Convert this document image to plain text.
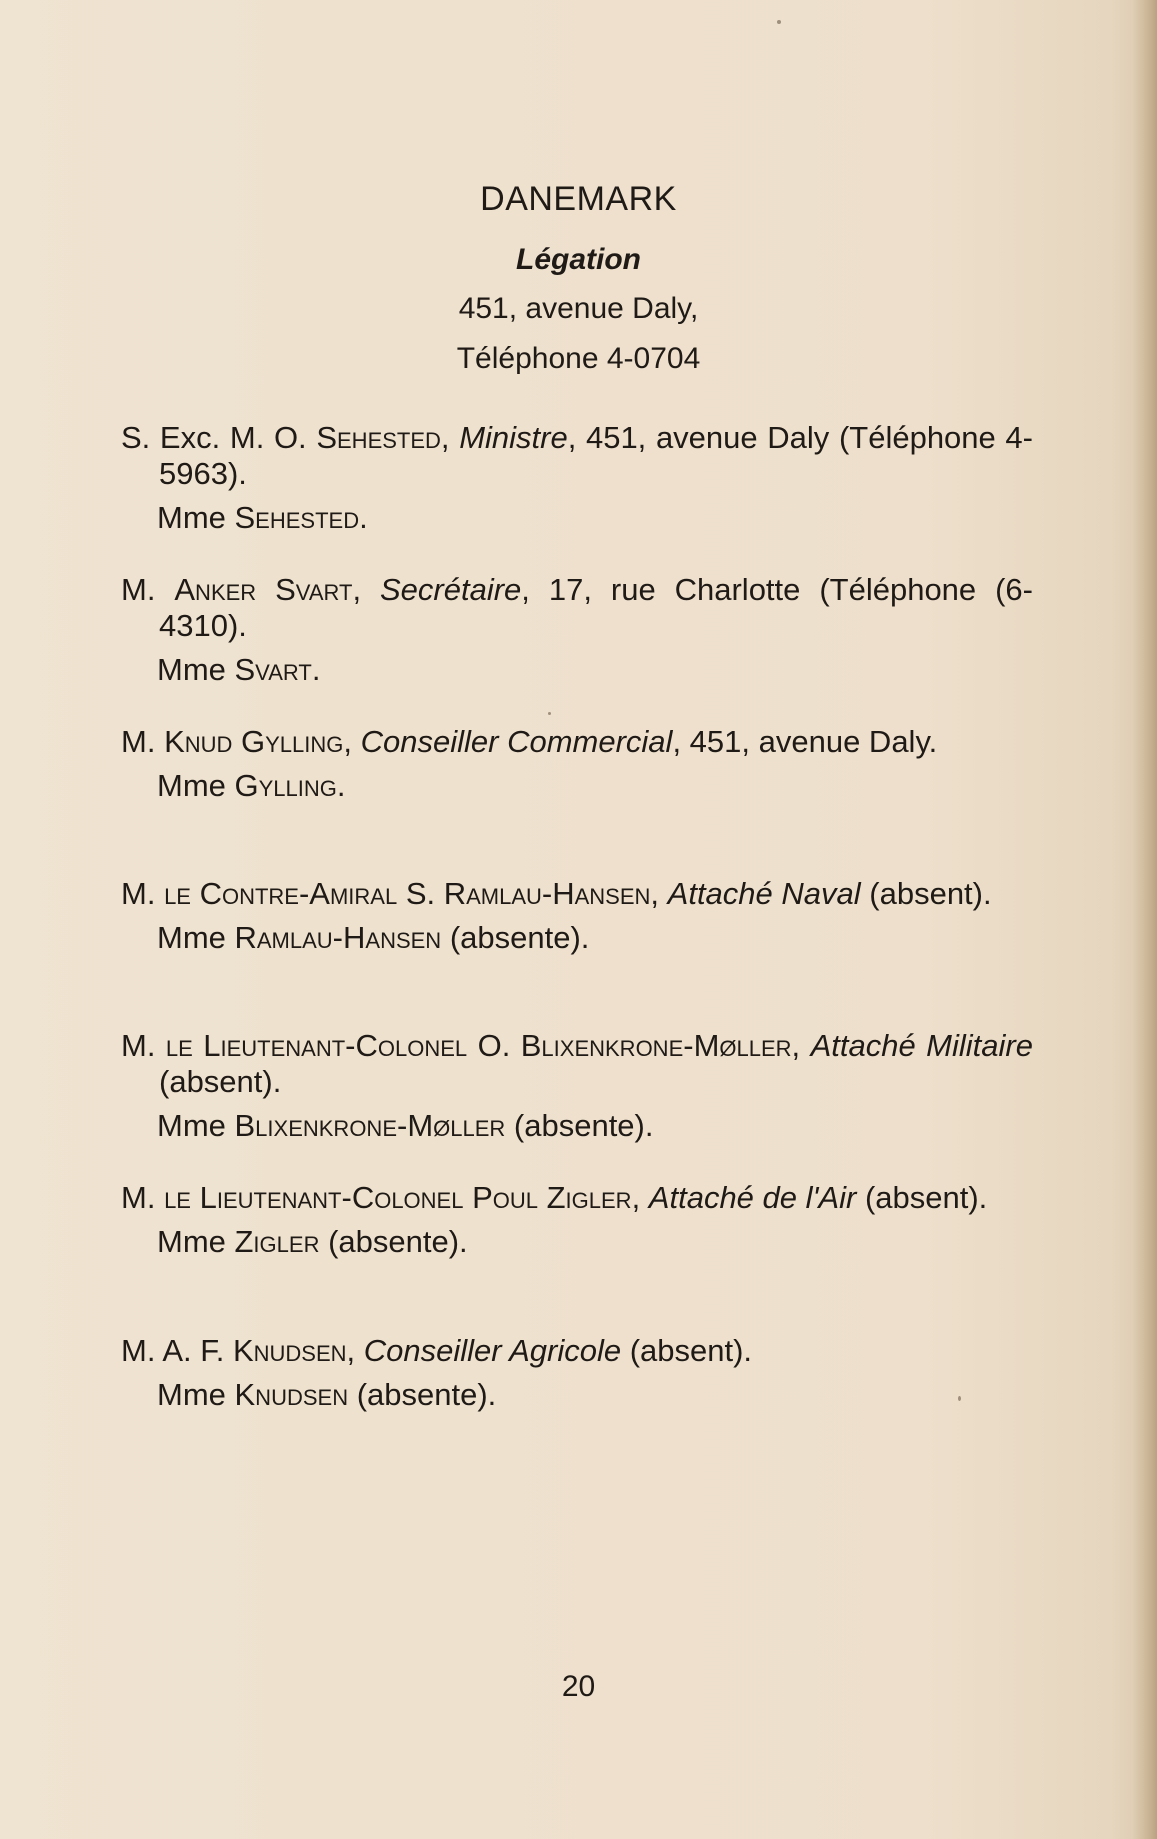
DANEMARK
Légation
451, avenue Daly,
Téléphone 4-0704

S. Exc. M. O. Sehested, Ministre, 451, avenue Daly (Téléphone 4-5963).

Mme Sehested.

M. Anker Svart, Secrétaire, 17, rue Charlotte (Téléphone (6-4310).

Mme Svart.

M. Knud Gylling, Conseiller Commercial, 451, avenue Daly.

Mme Gylling.

M. le Contre-Amiral S. Ramlau-Hansen, Attaché Naval (absent).

Mme Ramlau-Hansen (absente).

M. le Lieutenant-Colonel O. Blixenkrone-Møller, Attaché Militaire (absent).

Mme Blixenkrone-Møller (absente).

M. le Lieutenant-Colonel Poul Zigler, Attaché de l'Air (absent).

Mme Zigler (absente).

M. A. F. Knudsen, Conseiller Agricole (absent).

Mme Knudsen (absente).
20
